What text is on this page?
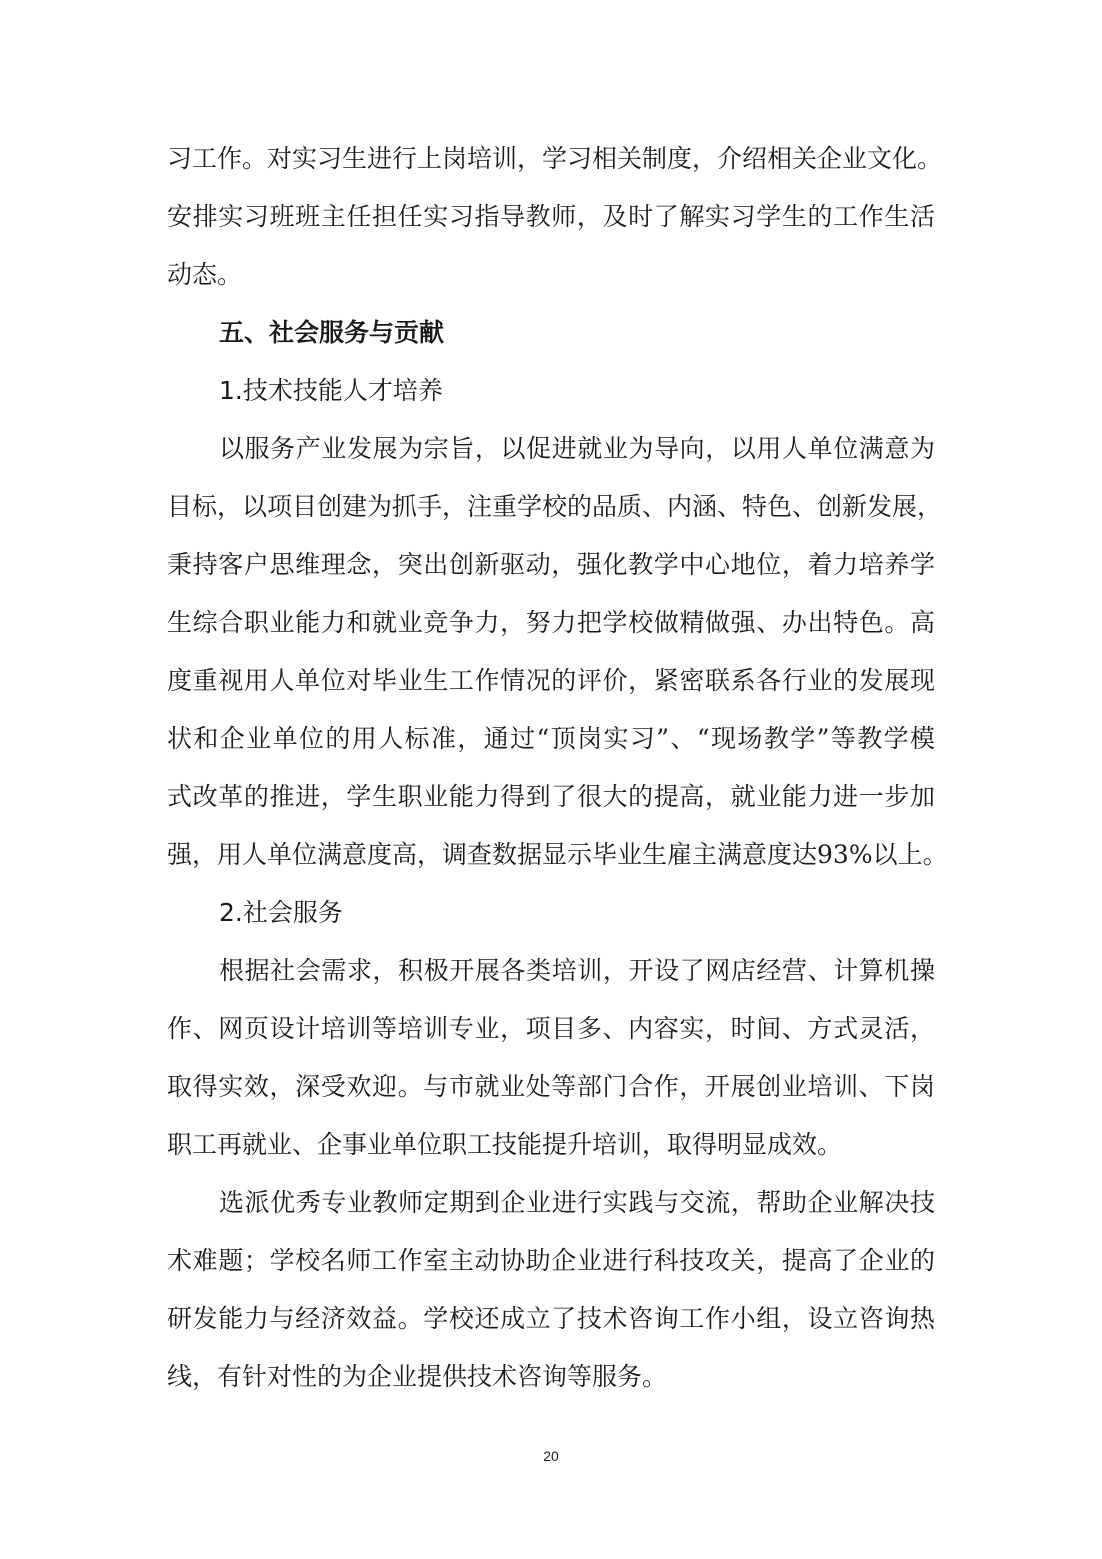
习工作。对实习生进行上岗培训，学习相关制度，介绍相关企业文化。
安排实习班班主任担任实习指导教师，及时了解实习学生的工作生活
动态。
五、社会服务与贡献
1.技术技能人才培养
以服务产业发展为宗旨，以促进就业为导向，以用人单位满意为
目标，以项目创建为抓手，注重学校的品质、内涵、特色、创新发展，
秉持客户思维理念，突出创新驱动，强化教学中心地位，着力培养学
生综合职业能力和就业竞争力，努力把学校做精做强、办出特色。高
度重视用人单位对毕业生工作情况的评价，紧密联系各行业的发展现
状和企业单位的用人标准，通过“顶岗实习”、“现场教学”等教学模
式改革的推进，学生职业能力得到了很大的提高，就业能力进一步加
强，用人单位满意度高，调查数据显示毕业生雇主满意度达93%以上。
2.社会服务
根据社会需求，积极开展各类培训，开设了网店经营、计算机操
作、网页设计培训等培训专业，项目多、内容实，时间、方式灵活，
取得实效，深受欢迎。与市就业处等部门合作，开展创业培训、下岗
职工再就业、企事业单位职工技能提升培训，取得明显成效。
选派优秀专业教师定期到企业进行实践与交流，帮助企业解决技
术难题；学校名师工作室主动协助企业进行科技攻关，提高了企业的
研发能力与经济效益。学校还成立了技术咨询工作小组，设立咨询热
线，有针对性的为企业提供技术咨询等服务。
20
